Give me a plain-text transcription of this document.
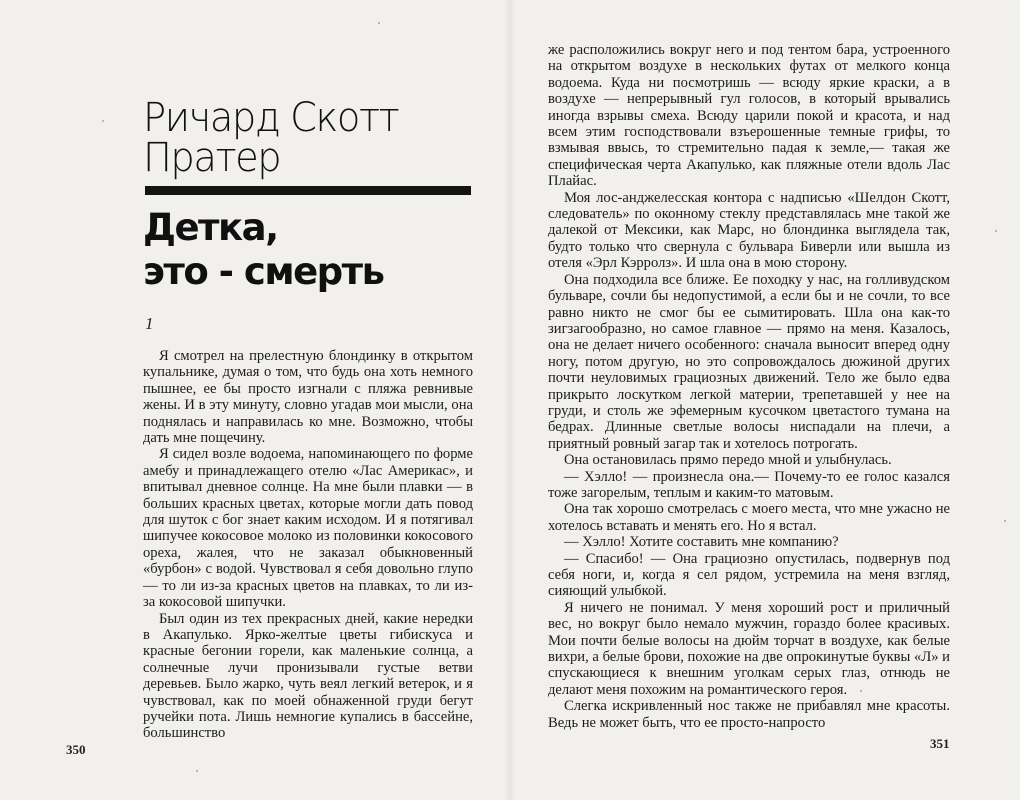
Ричард Скотт
Пратер
Детка,
это - смерть
1

Я смотрел на прелестную блондинку в открытом купальнике, думая о том, что будь она хоть немного пышнее, ее бы просто изгнали с пляжа ревнивые жены. И в эту минуту, словно угадав мои мысли, она поднялась и направилась ко мне. Возможно, чтобы дать мне пощечину.

Я сидел возле водоема, напоминающего по форме амебу и принадлежащего отелю «Лас Америкас», и впитывал дневное солнце. На мне были плавки — в больших красных цветах, которые могли дать повод для шуток с бог знает каким исходом. И я потягивал шипучее кокосовое молоко из половинки кокосового ореха, жалея, что не заказал обыкновенный «бурбон» с водой. Чувствовал я себя довольно глупо — то ли из-за красных цветов на плавках, то ли из-за кокосовой шипучки.

Был один из тех прекрасных дней, какие нередки в Акапулько. Ярко-желтые цветы гибискуса и красные бегонии горели, как маленькие солнца, а солнечные лучи пронизывали густые ветви деревьев. Было жарко, чуть веял легкий ветерок, и я чувствовал, как по моей обнаженной груди бегут ручейки пота. Лишь немногие купались в бассейне, большинство

350

же расположились вокруг него и под тентом бара, устроенного на открытом воздухе в нескольких футах от мелкого конца водоема. Куда ни посмотришь — всюду яркие краски, а в воздухе — непрерывный гул голосов, в который врывались иногда взрывы смеха. Всюду царили покой и красота, и над всем этим господствовали взъерошенные темные грифы, то взмывая ввысь, то стремительно падая к земле,— такая же специфическая черта Акапулько, как пляжные отели вдоль Лас Плайас.

Моя лос-анджелесская контора с надписью «Шелдон Скотт, следователь» по оконному стеклу представлялась мне такой же далекой от Мексики, как Марс, но блондинка выглядела так, будто только что свернула с бульвара Биверли или вышла из отеля «Эрл Кэрролз». И шла она в мою сторону.

Она подходила все ближе. Ее походку у нас, на голливудском бульваре, сочли бы недопустимой, а если бы и не сочли, то все равно никто не смог бы ее сымитировать. Шла она как-то зигзагообразно, но самое главное — прямо на меня. Казалось, она не делает ничего особенного: сначала выносит вперед одну ногу, потом другую, но это сопровождалось дюжиной других почти неуловимых грациозных движений. Тело же было едва прикрыто лоскутком легкой материи, трепетавшей у нее на груди, и столь же эфемерным кусочком цветастого тумана на бедрах. Длинные светлые волосы ниспадали на плечи, а приятный ровный загар так и хотелось потрогать.

Она остановилась прямо передо мной и улыбнулась.

— Хэлло! — произнесла она.— Почему-то ее голос казался тоже загорелым, теплым и каким-то матовым.

Она так хорошо смотрелась с моего места, что мне ужасно не хотелось вставать и менять его. Но я встал.

— Хэлло! Хотите составить мне компанию?

— Спасибо! — Она грациозно опустилась, подвернув под себя ноги, и, когда я сел рядом, устремила на меня взгляд, сияющий улыбкой.

Я ничего не понимал. У меня хороший рост и приличный вес, но вокруг было немало мужчин, гораздо более красивых. Мои почти белые волосы на дюйм торчат в воздухе, как белые вихри, а белые брови, похожие на две опрокинутые буквы «Л» и спускающиеся к внешним уголкам серых глаз, отнюдь не делают меня похожим на романтического героя.

Слегка искривленный нос также не прибавлял мне красоты. Ведь не может быть, что ее просто-напросто

351
